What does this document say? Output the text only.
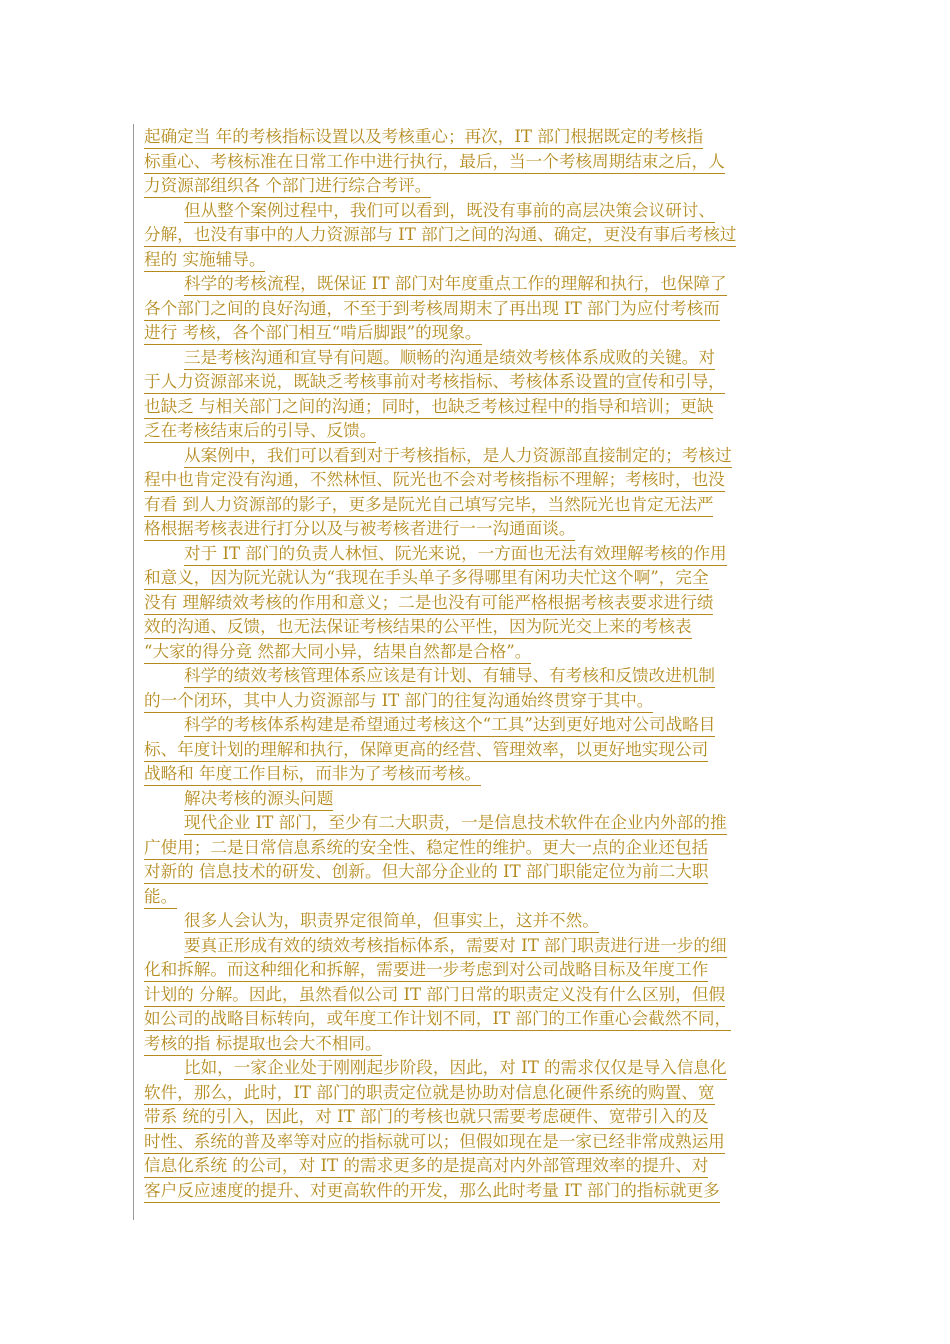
起确定当 年的考核指标设置以及考核重心；再次，IT 部门根据既定的考核指
标重心、考核标准在日常工作中进行执行，最后，当一个考核周期结束之后，人
力资源部组织各 个部门进行综合考评。
但从整个案例过程中，我们可以看到，既没有事前的高层决策会议研讨、
分解，也没有事中的人力资源部与 IT 部门之间的沟通、确定，更没有事后考核过
程的 实施辅导。
科学的考核流程，既保证 IT 部门对年度重点工作的理解和执行，也保障了
各个部门之间的良好沟通，不至于到考核周期末了再出现 IT 部门为应付考核而
进行 考核，各个部门相互“啃后脚跟”的现象。
三是考核沟通和宣导有问题。顺畅的沟通是绩效考核体系成败的关键。对
于人力资源部来说，既缺乏考核事前对考核指标、考核体系设置的宣传和引导，
也缺乏 与相关部门之间的沟通；同时，也缺乏考核过程中的指导和培训；更缺
乏在考核结束后的引导、反馈。
从案例中，我们可以看到对于考核指标，是人力资源部直接制定的；考核过
程中也肯定没有沟通，不然林恒、阮光也不会对考核指标不理解；考核时，也没
有看 到人力资源部的影子，更多是阮光自己填写完毕，当然阮光也肯定无法严
格根据考核表进行打分以及与被考核者进行一一沟通面谈。
对于 IT 部门的负责人林恒、阮光来说，一方面也无法有效理解考核的作用
和意义，因为阮光就认为“我现在手头单子多得哪里有闲功夫忙这个啊”，完全
没有 理解绩效考核的作用和意义；二是也没有可能严格根据考核表要求进行绩
效的沟通、反馈，也无法保证考核结果的公平性，因为阮光交上来的考核表
“大家的得分竟 然都大同小异，结果自然都是合格”。
科学的绩效考核管理体系应该是有计划、有辅导、有考核和反馈改进机制
的一个闭环，其中人力资源部与 IT 部门的往复沟通始终贯穿于其中。
科学的考核体系构建是希望通过考核这个“工具”达到更好地对公司战略目
标、年度计划的理解和执行，保障更高的经营、管理效率，以更好地实现公司
战略和 年度工作目标，而非为了考核而考核。
解决考核的源头问题
现代企业 IT 部门，至少有二大职责，一是信息技术软件在企业内外部的推
广使用；二是日常信息系统的安全性、稳定性的维护。更大一点的企业还包括
对新的 信息技术的研发、创新。但大部分企业的 IT 部门职能定位为前二大职
能。
很多人会认为，职责界定很简单，但事实上，这并不然。
要真正形成有效的绩效考核指标体系，需要对 IT 部门职责进行进一步的细
化和拆解。而这种细化和拆解，需要进一步考虑到对公司战略目标及年度工作
计划的 分解。因此，虽然看似公司 IT 部门日常的职责定义没有什么区别，但假
如公司的战略目标转向，或年度工作计划不同，IT 部门的工作重心会截然不同，
考核的指 标提取也会大不相同。
比如，一家企业处于刚刚起步阶段，因此，对 IT 的需求仅仅是导入信息化
软件，那么，此时，IT 部门的职责定位就是协助对信息化硬件系统的购置、宽
带系 统的引入，因此，对 IT 部门的考核也就只需要考虑硬件、宽带引入的及
时性、系统的普及率等对应的指标就可以；但假如现在是一家已经非常成熟运用
信息化系统 的公司，对 IT 的需求更多的是提高对内外部管理效率的提升、对
客户反应速度的提升、对更高软件的开发，那么此时考量 IT 部门的指标就更多
